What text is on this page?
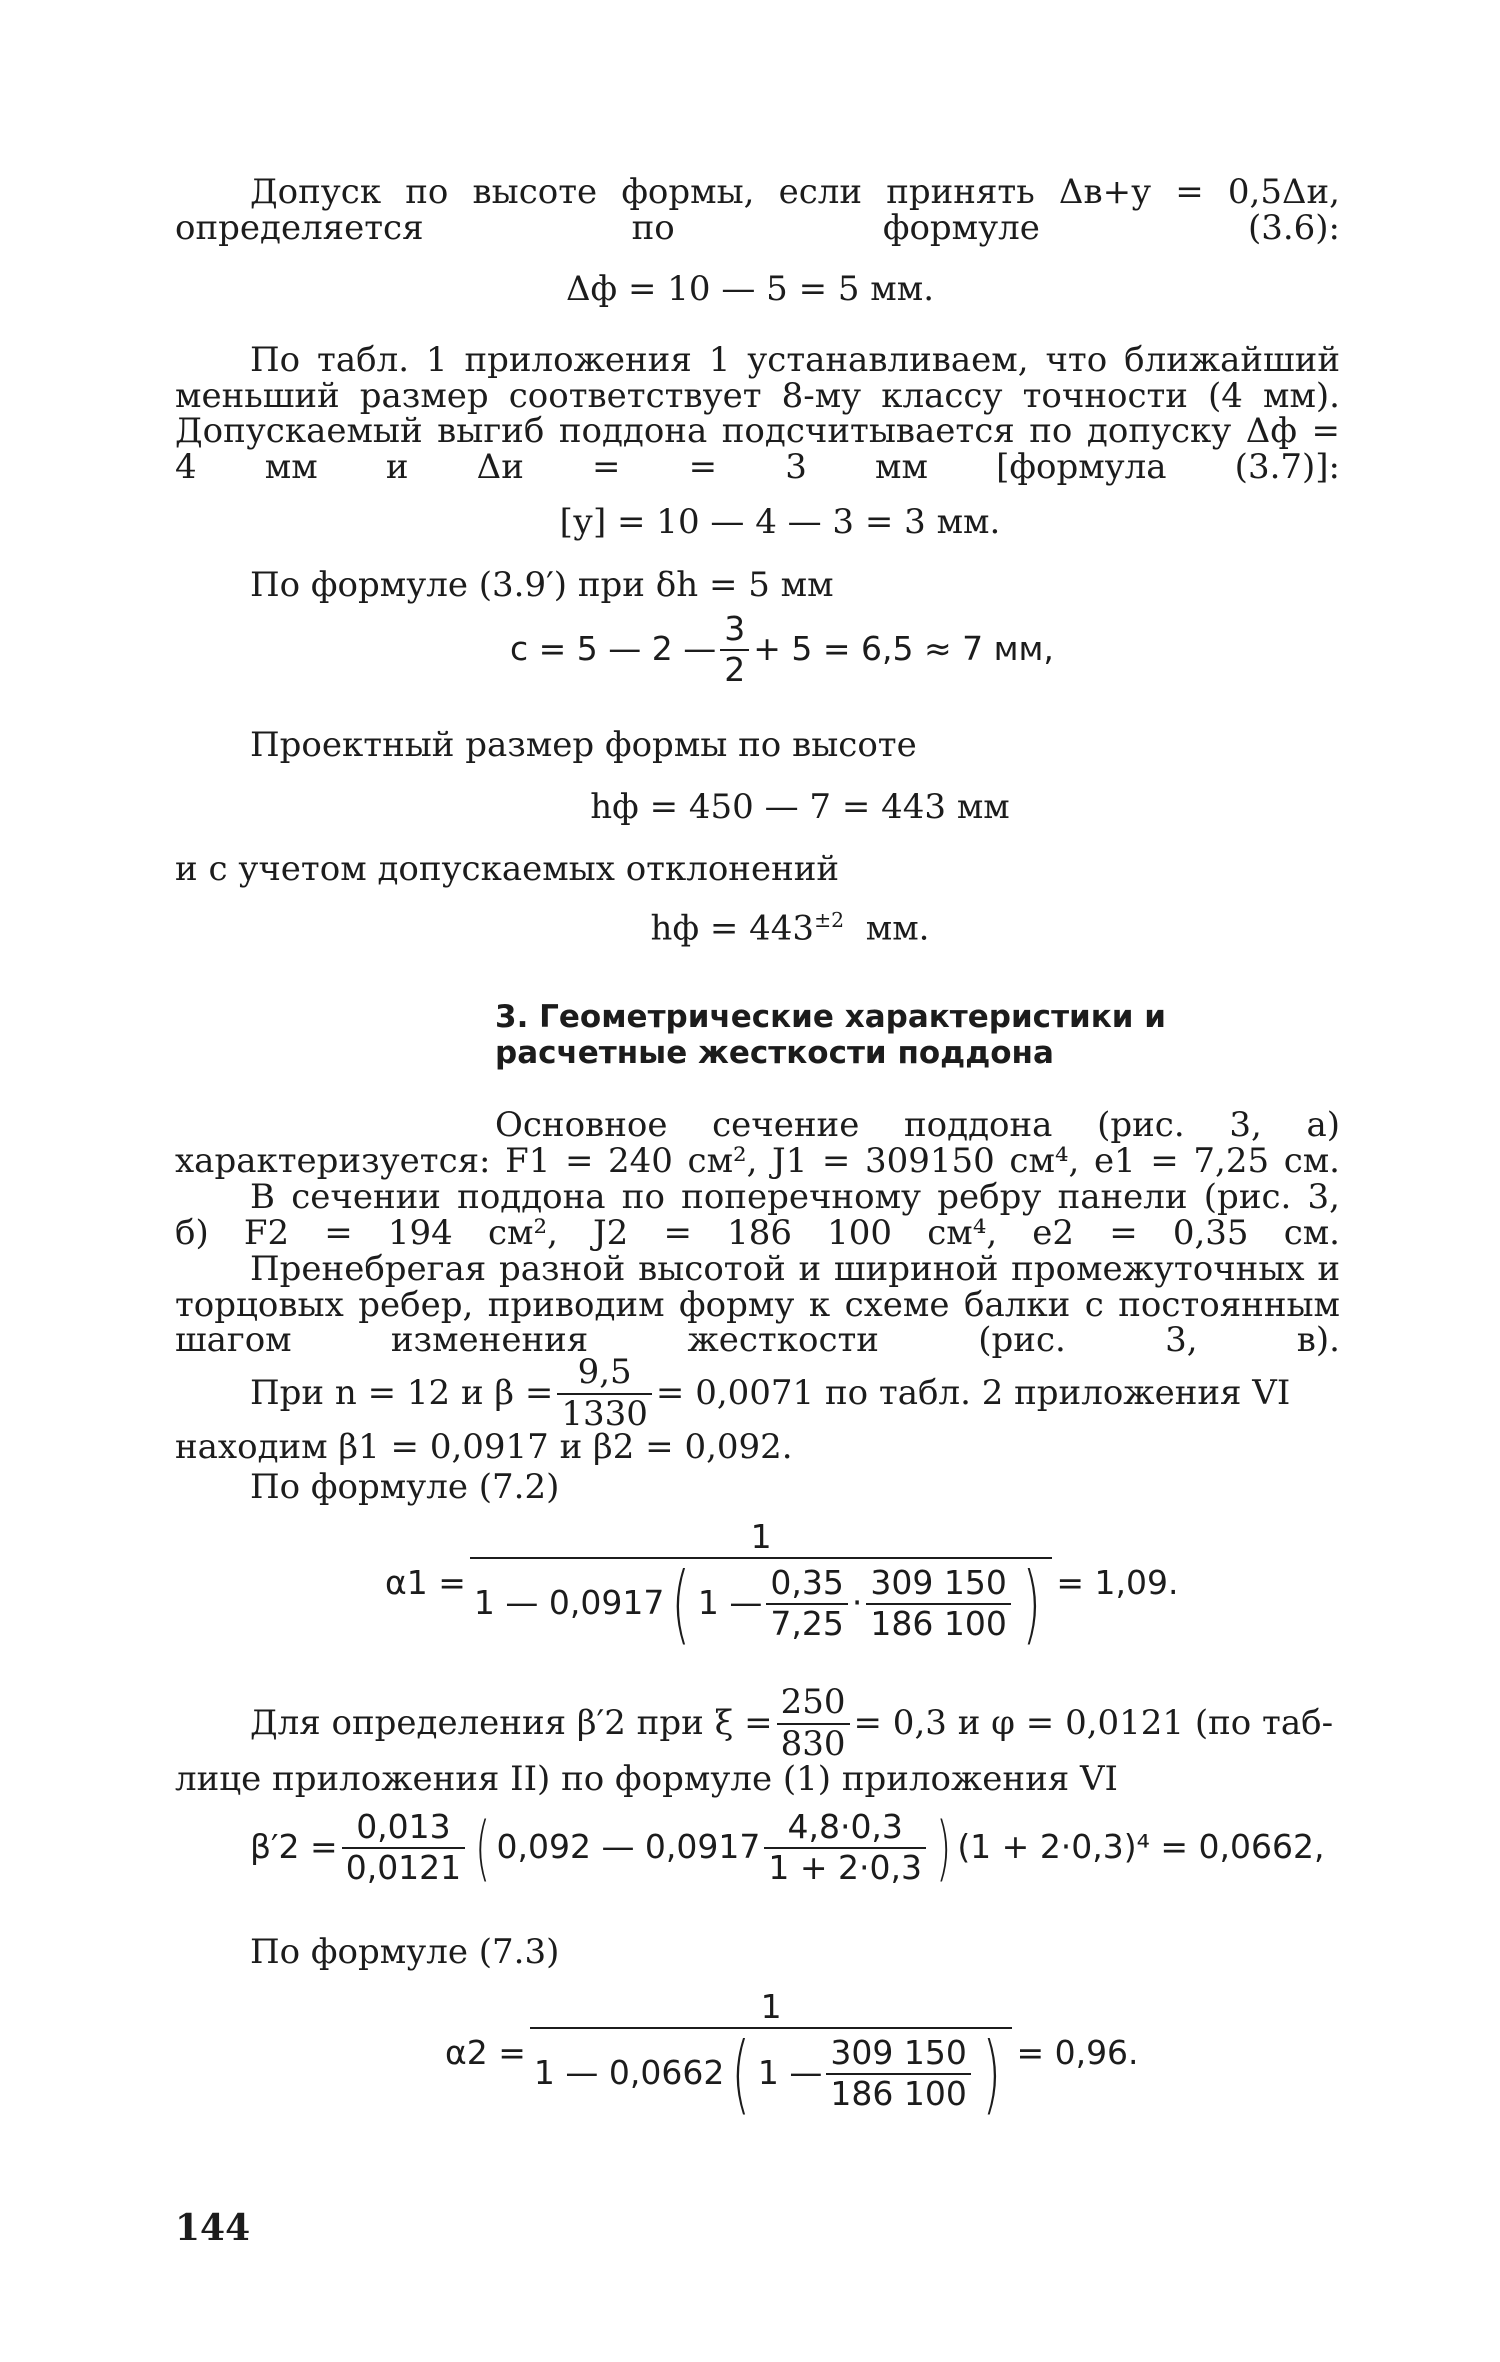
Допуск по высоте формы, если принять Δв+у = 0,5Δи, определяется по формуле (3.6):

Δф = 10 — 5 = 5 мм.

По табл. 1 приложения 1 устанавливаем, что ближайший меньший размер соответствует 8-му классу точности (4 мм). Допускаемый выгиб поддона подсчитывается по допуску Δф = 4 мм и Δи = = 3 мм [формула (3.7)]:

[у] = 10 — 4 — 3 = 3 мм.

По формуле (3.9′) при δh = 5 мм

с = 5 — 2 — $\frac{3}{2} + 5 = 6,5 \approx 7$ мм,

Проектный размер формы по высоте

hф = 450 — 7 = 443 мм

и с учетом допускаемых отклонений

hф = $443^{\pm 2}$ мм.
3. Геометрические характеристики и расчетные жесткости поддона

Основное сечение поддона (рис. 3, а) характеризуется: F1 = 240 см², J1 = 309150 см⁴, e1 = 7,25 см.

В сечении поддона по поперечному ребру панели (рис. 3, б) F2 = 194 см², J2 = 186 100 см⁴, e2 = 0,35 см.

Пренебрегая разной высотой и шириной промежуточных и торцовых ребер, приводим форму к схеме балки с постоянным шагом изменения жесткости (рис. 3, в).

При n = 12 и $\beta = \frac{9,5}{1330} = 0,0071$ по табл. 2 приложения VI

находим β1 = 0,0917 и β2 = 0,092.

По формуле (7.2)

α1 =
1
1 — 0,0917 ( 1 — $\frac{0,35}{7,25} \cdot \frac{309 150}{186 100}$ ) = 1,09.
Для определения β′2 при $\xi = \frac{250}{830} = 0,3$ и φ = 0,0121 (по таб-

лице приложения II) по формуле (1) приложения VI

$\beta'2 = \frac{0,013}{0,0121}$ ( 0,092 — $0,0917 \frac{4,8\cdot 0,3}{1 + 2\cdot 0,3}$ ) (1 + 2·0,3)⁴ = 0,0662,

По формуле (7.3)

α2 =
1
1 — 0,0662 ( 1 — $\frac{309 150}{186 100}$ ) = 0,96.
144
